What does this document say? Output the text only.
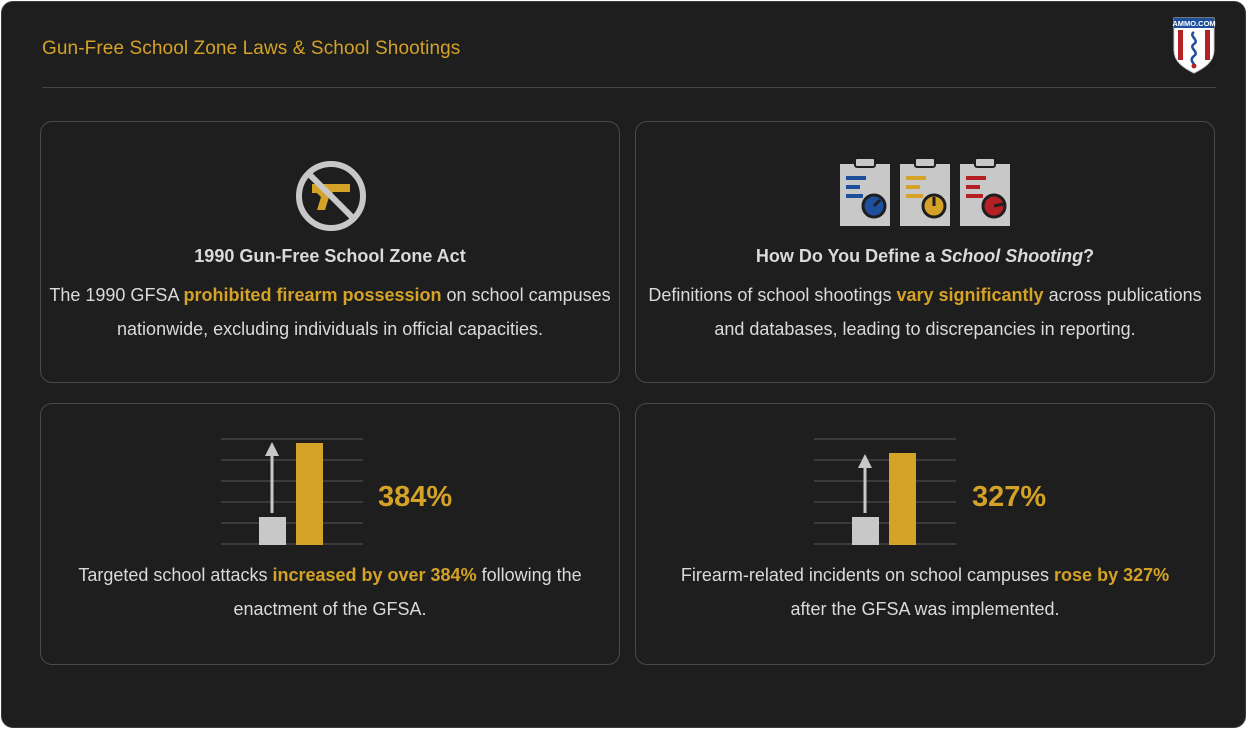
Gun-Free School Zone Laws & School Shootings
AMMO.COM
1990 Gun-Free School Zone Act
The 1990 GFSA prohibited firearm possession on school campuses nationwide, excluding individuals in official capacities.
How Do You Define a School Shooting?
Definitions of school shootings vary significantly across publications and databases, leading to discrepancies in reporting.
384%
Targeted school attacks increased by over 384% following the enactment of the GFSA.
327%
Firearm-related incidents on school campuses rose by 327%
after the GFSA was implemented.
